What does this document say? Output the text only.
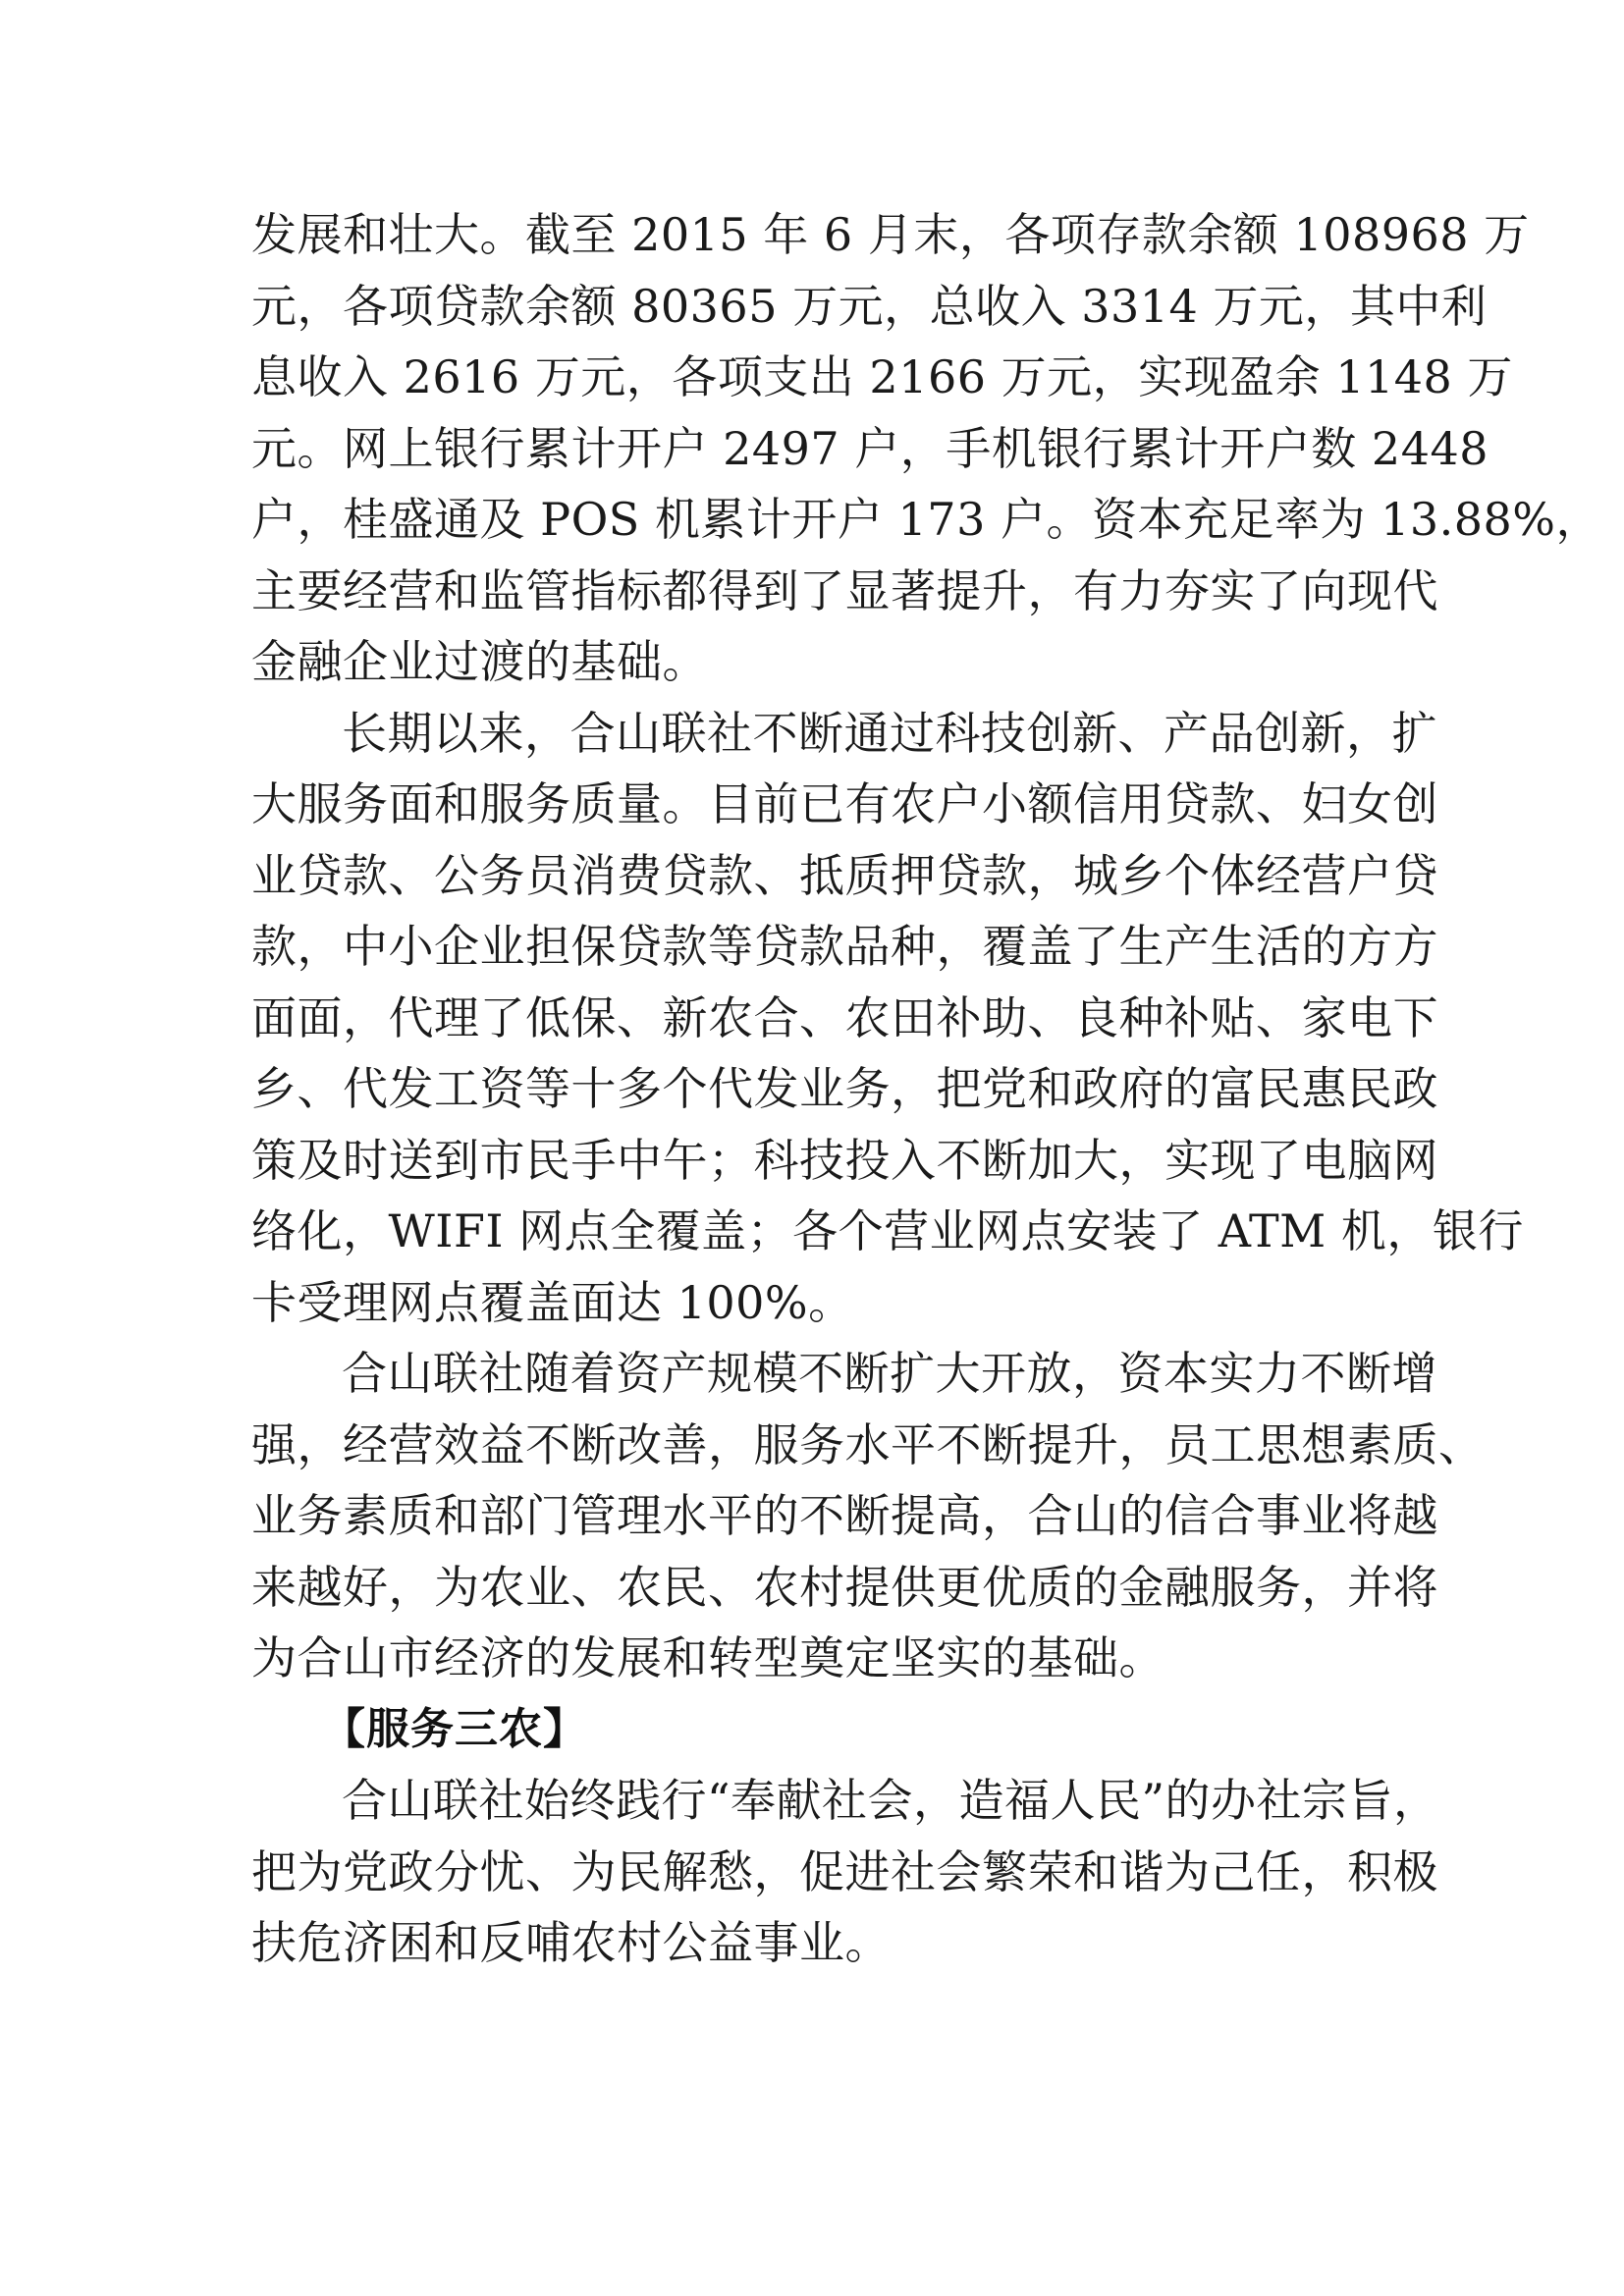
发展和壮大。截至 2015 年 6 月末，各项存款余额 108968 万
元，各项贷款余额 80365 万元，总收入 3314 万元，其中利
息收入 2616 万元，各项支出 2166 万元，实现盈余 1148 万
元。网上银行累计开户 2497 户，手机银行累计开户数 2448
户，桂盛通及 POS 机累计开户 173 户。资本充足率为 13.88%，
主要经营和监管指标都得到了显著提升，有力夯实了向现代
金融企业过渡的基础。
长期以来，合山联社不断通过科技创新、产品创新，扩
大服务面和服务质量。目前已有农户小额信用贷款、妇女创
业贷款、公务员消费贷款、抵质押贷款，城乡个体经营户贷
款，中小企业担保贷款等贷款品种，覆盖了生产生活的方方
面面，代理了低保、新农合、农田补助、良种补贴、家电下
乡、代发工资等十多个代发业务，把党和政府的富民惠民政
策及时送到市民手中午；科技投入不断加大，实现了电脑网
络化，WIFI 网点全覆盖；各个营业网点安装了 ATM 机，银行
卡受理网点覆盖面达 100%。
合山联社随着资产规模不断扩大开放，资本实力不断增
强，经营效益不断改善，服务水平不断提升，员工思想素质、
业务素质和部门管理水平的不断提高，合山的信合事业将越
来越好，为农业、农民、农村提供更优质的金融服务，并将
为合山市经济的发展和转型奠定坚实的基础。
【服务三农】
合山联社始终践行“奉献社会，造福人民”的办社宗旨，
把为党政分忧、为民解愁，促进社会繁荣和谐为己任，积极
扶危济困和反哺农村公益事业。
